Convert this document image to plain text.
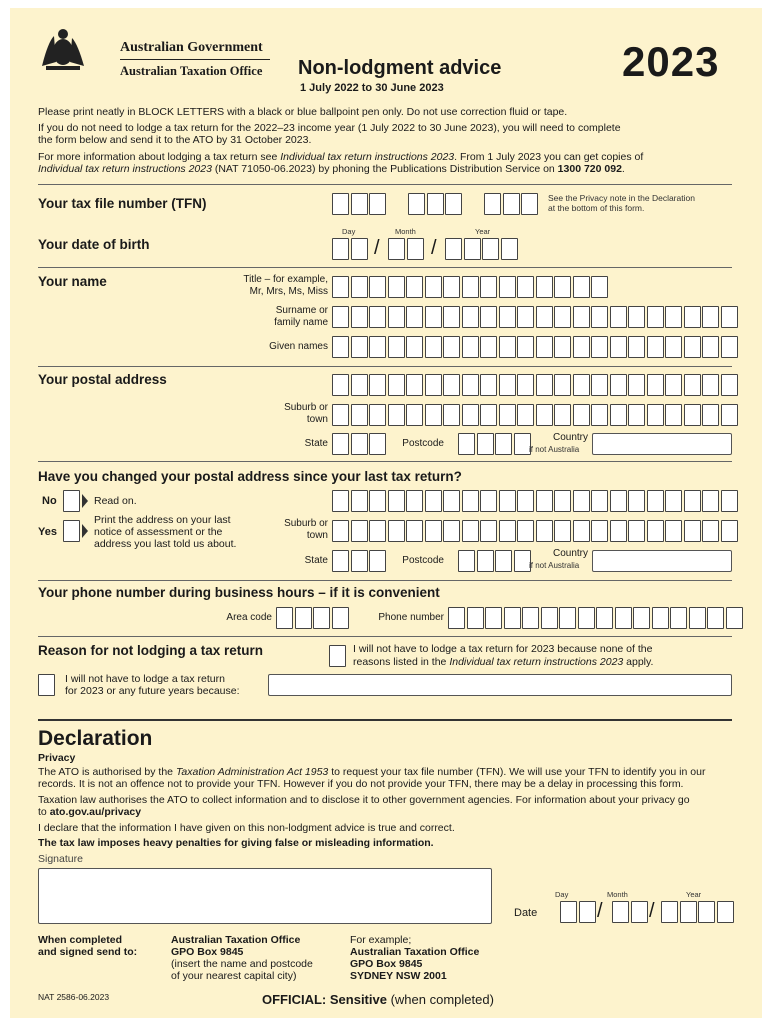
Australian Government
Australian Taxation Office Non-lodgment advice
1 July 2022 to 30 June 2023
2023
Please print neatly in BLOCK LETTERS with a black or blue ballpoint pen only. Do not use correction fluid or tape.
If you do not need to lodge a tax return for the 2022–23 income year (1 July 2022 to 30 June 2023), you will need to complete
the form below and send it to the ATO by 31 October 2023.
For more information about lodging a tax return see Individual tax return instructions 2023. From 1 July 2023 you can get copies of
Individual tax return instructions 2023 (NAT 71050-06.2023) by phoning the Publications Distribution Service on 1300 720 092.
Your tax file number (TFN)	See the Privacy note in the Declaration
at the bottom of this form.
Day	Month	Year
Your date of birth	/	/
Your name	Title – for example,
Mr, Mrs, Ms, Miss
Surname or
family name
Given names
Your postal address
Suburb or
town
State	Postcode
Country
if not Australia
Have you changed your postal address since your last tax return?
No	Read on.
Yes
Print the address on your last
notice of assessment or the
address you last told us about.
Suburb or
town
State	Postcode
Country
if not Australia
Your phone number during business hours – if it is convenient
Area code	Phone number
Reason for not lodging a tax return	I will not have to lodge a tax return for 2023 because none of the
reasons listed in the Individual tax return instructions 2023 apply.
I will not have to lodge a tax return
for 2023 or any future years because:
Declaration
Privacy
The ATO is authorised by the Taxation Administration Act 1953 to request your tax file number (TFN). We will use your TFN to identify you in our
records. It is not an offence not to provide your TFN. However if you do not provide your TFN, there may be a delay in processing this form.
Taxation law authorises the ATO to collect information and to disclose it to other government agencies. For information about your privacy go
to ato.gov.au/privacy
I declare that the information I have given on this non-lodgment advice is true and correct.
The tax law imposes heavy penalties for giving false or misleading information.
Signature
Day	Month	Year
Date	/ /
When completed
and signed send to:
Australian Taxation Office
GPO Box 9845
(insert the name and postcode
of your nearest capital city)
For example;
Australian Taxation Office
GPO Box 9845
SYDNEY NSW 2001
NAT 2586-06.2023	OFFICIAL: Sensitive (when completed)
